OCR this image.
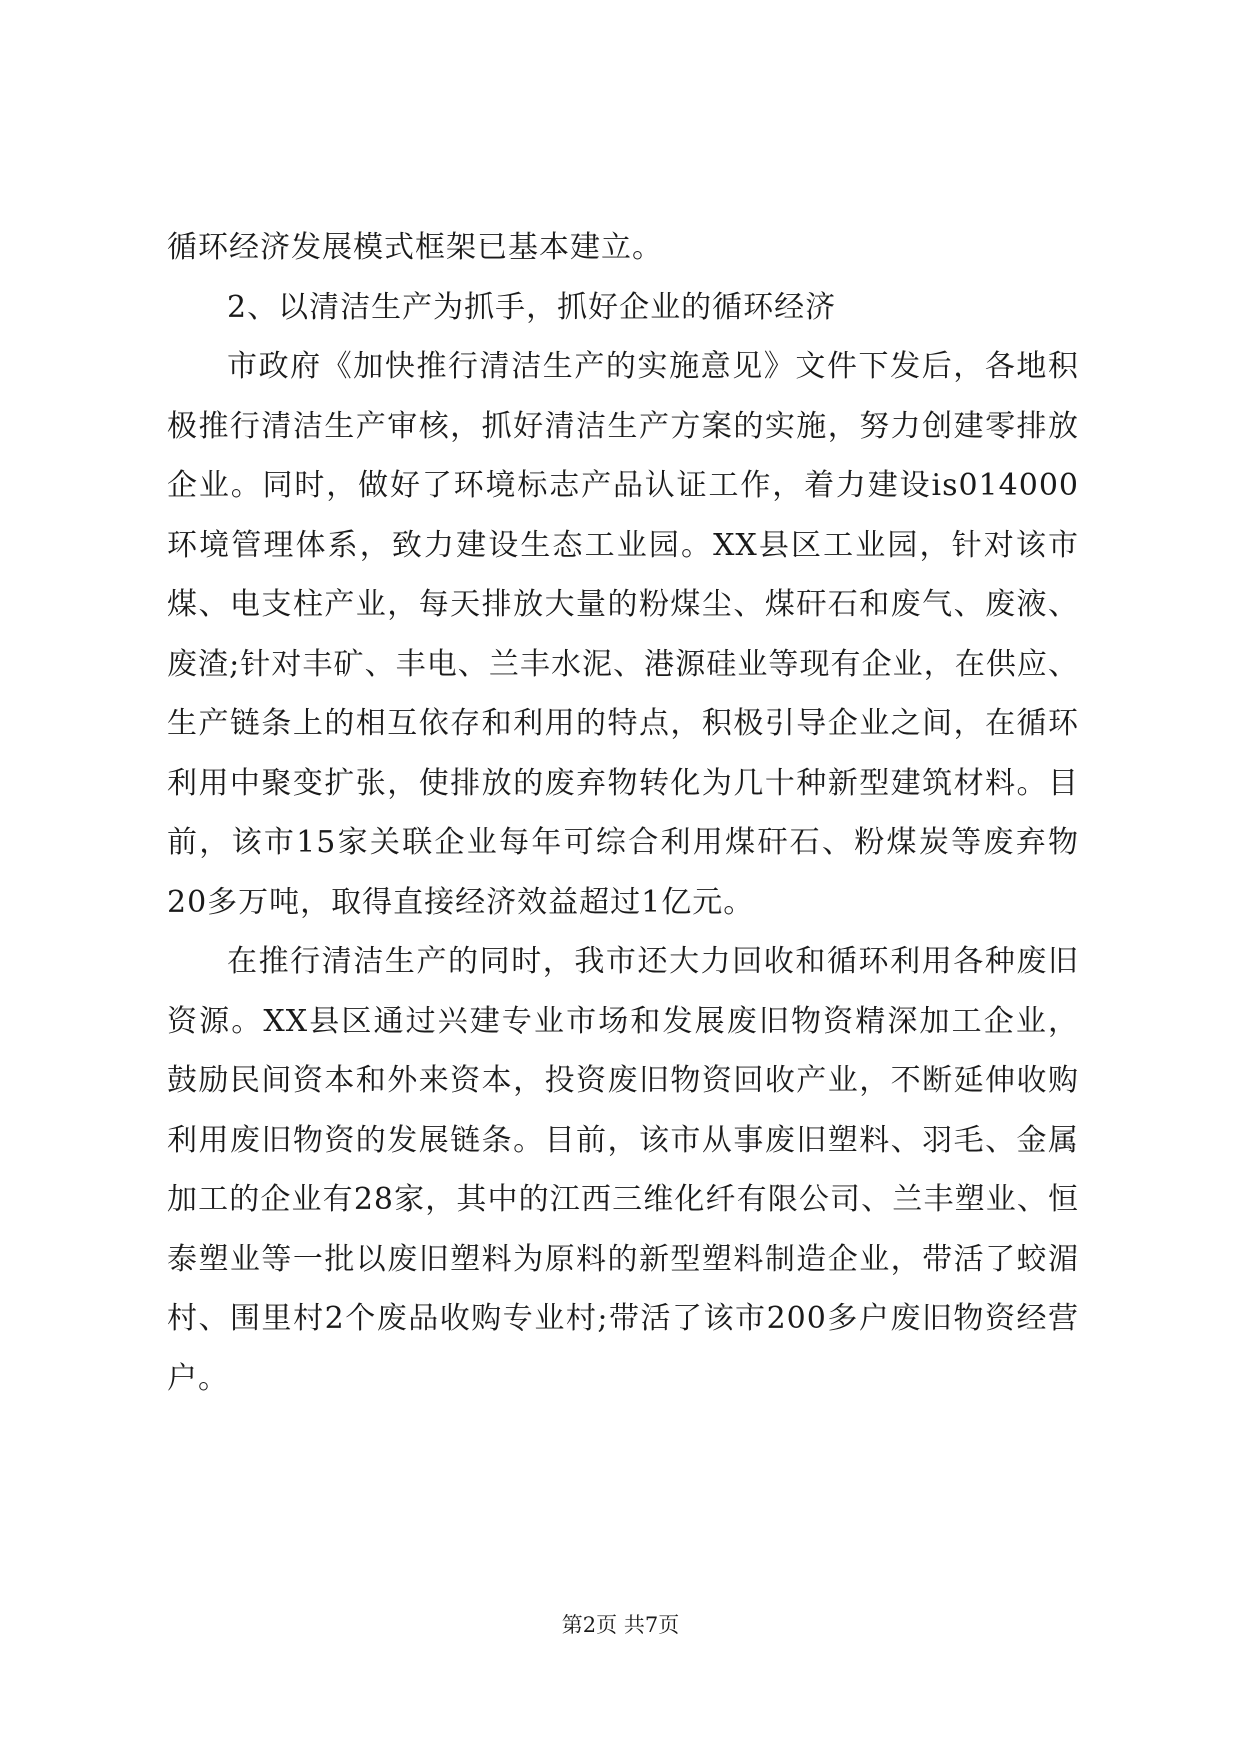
循环经济发展模式框架已基本建立。

2、以清洁生产为抓手，抓好企业的循环经济

市政府《加快推行清洁生产的实施意见》文件下发后，各地积极推行清洁生产审核，抓好清洁生产方案的实施，努力创建零排放企业。同时，做好了环境标志产品认证工作，着力建设is014000环境管理体系，致力建设生态工业园。XX县区工业园，针对该市煤、电支柱产业，每天排放大量的粉煤尘、煤矸石和废气、废液、废渣;针对丰矿、丰电、兰丰水泥、港源硅业等现有企业，在供应、生产链条上的相互依存和利用的特点，积极引导企业之间，在循环利用中聚变扩张，使排放的废弃物转化为几十种新型建筑材料。目前，该市15家关联企业每年可综合利用煤矸石、粉煤炭等废弃物20多万吨，取得直接经济效益超过1亿元。

在推行清洁生产的同时，我市还大力回收和循环利用各种废旧资源。XX县区通过兴建专业市场和发展废旧物资精深加工企业，鼓励民间资本和外来资本，投资废旧物资回收产业，不断延伸收购利用废旧物资的发展链条。目前，该市从事废旧塑料、羽毛、金属加工的企业有28家，其中的江西三维化纤有限公司、兰丰塑业、恒泰塑业等一批以废旧塑料为原料的新型塑料制造企业，带活了蛟湄村、围里村2个废品收购专业村;带活了该市200多户废旧物资经营户。

第2页 共7页
